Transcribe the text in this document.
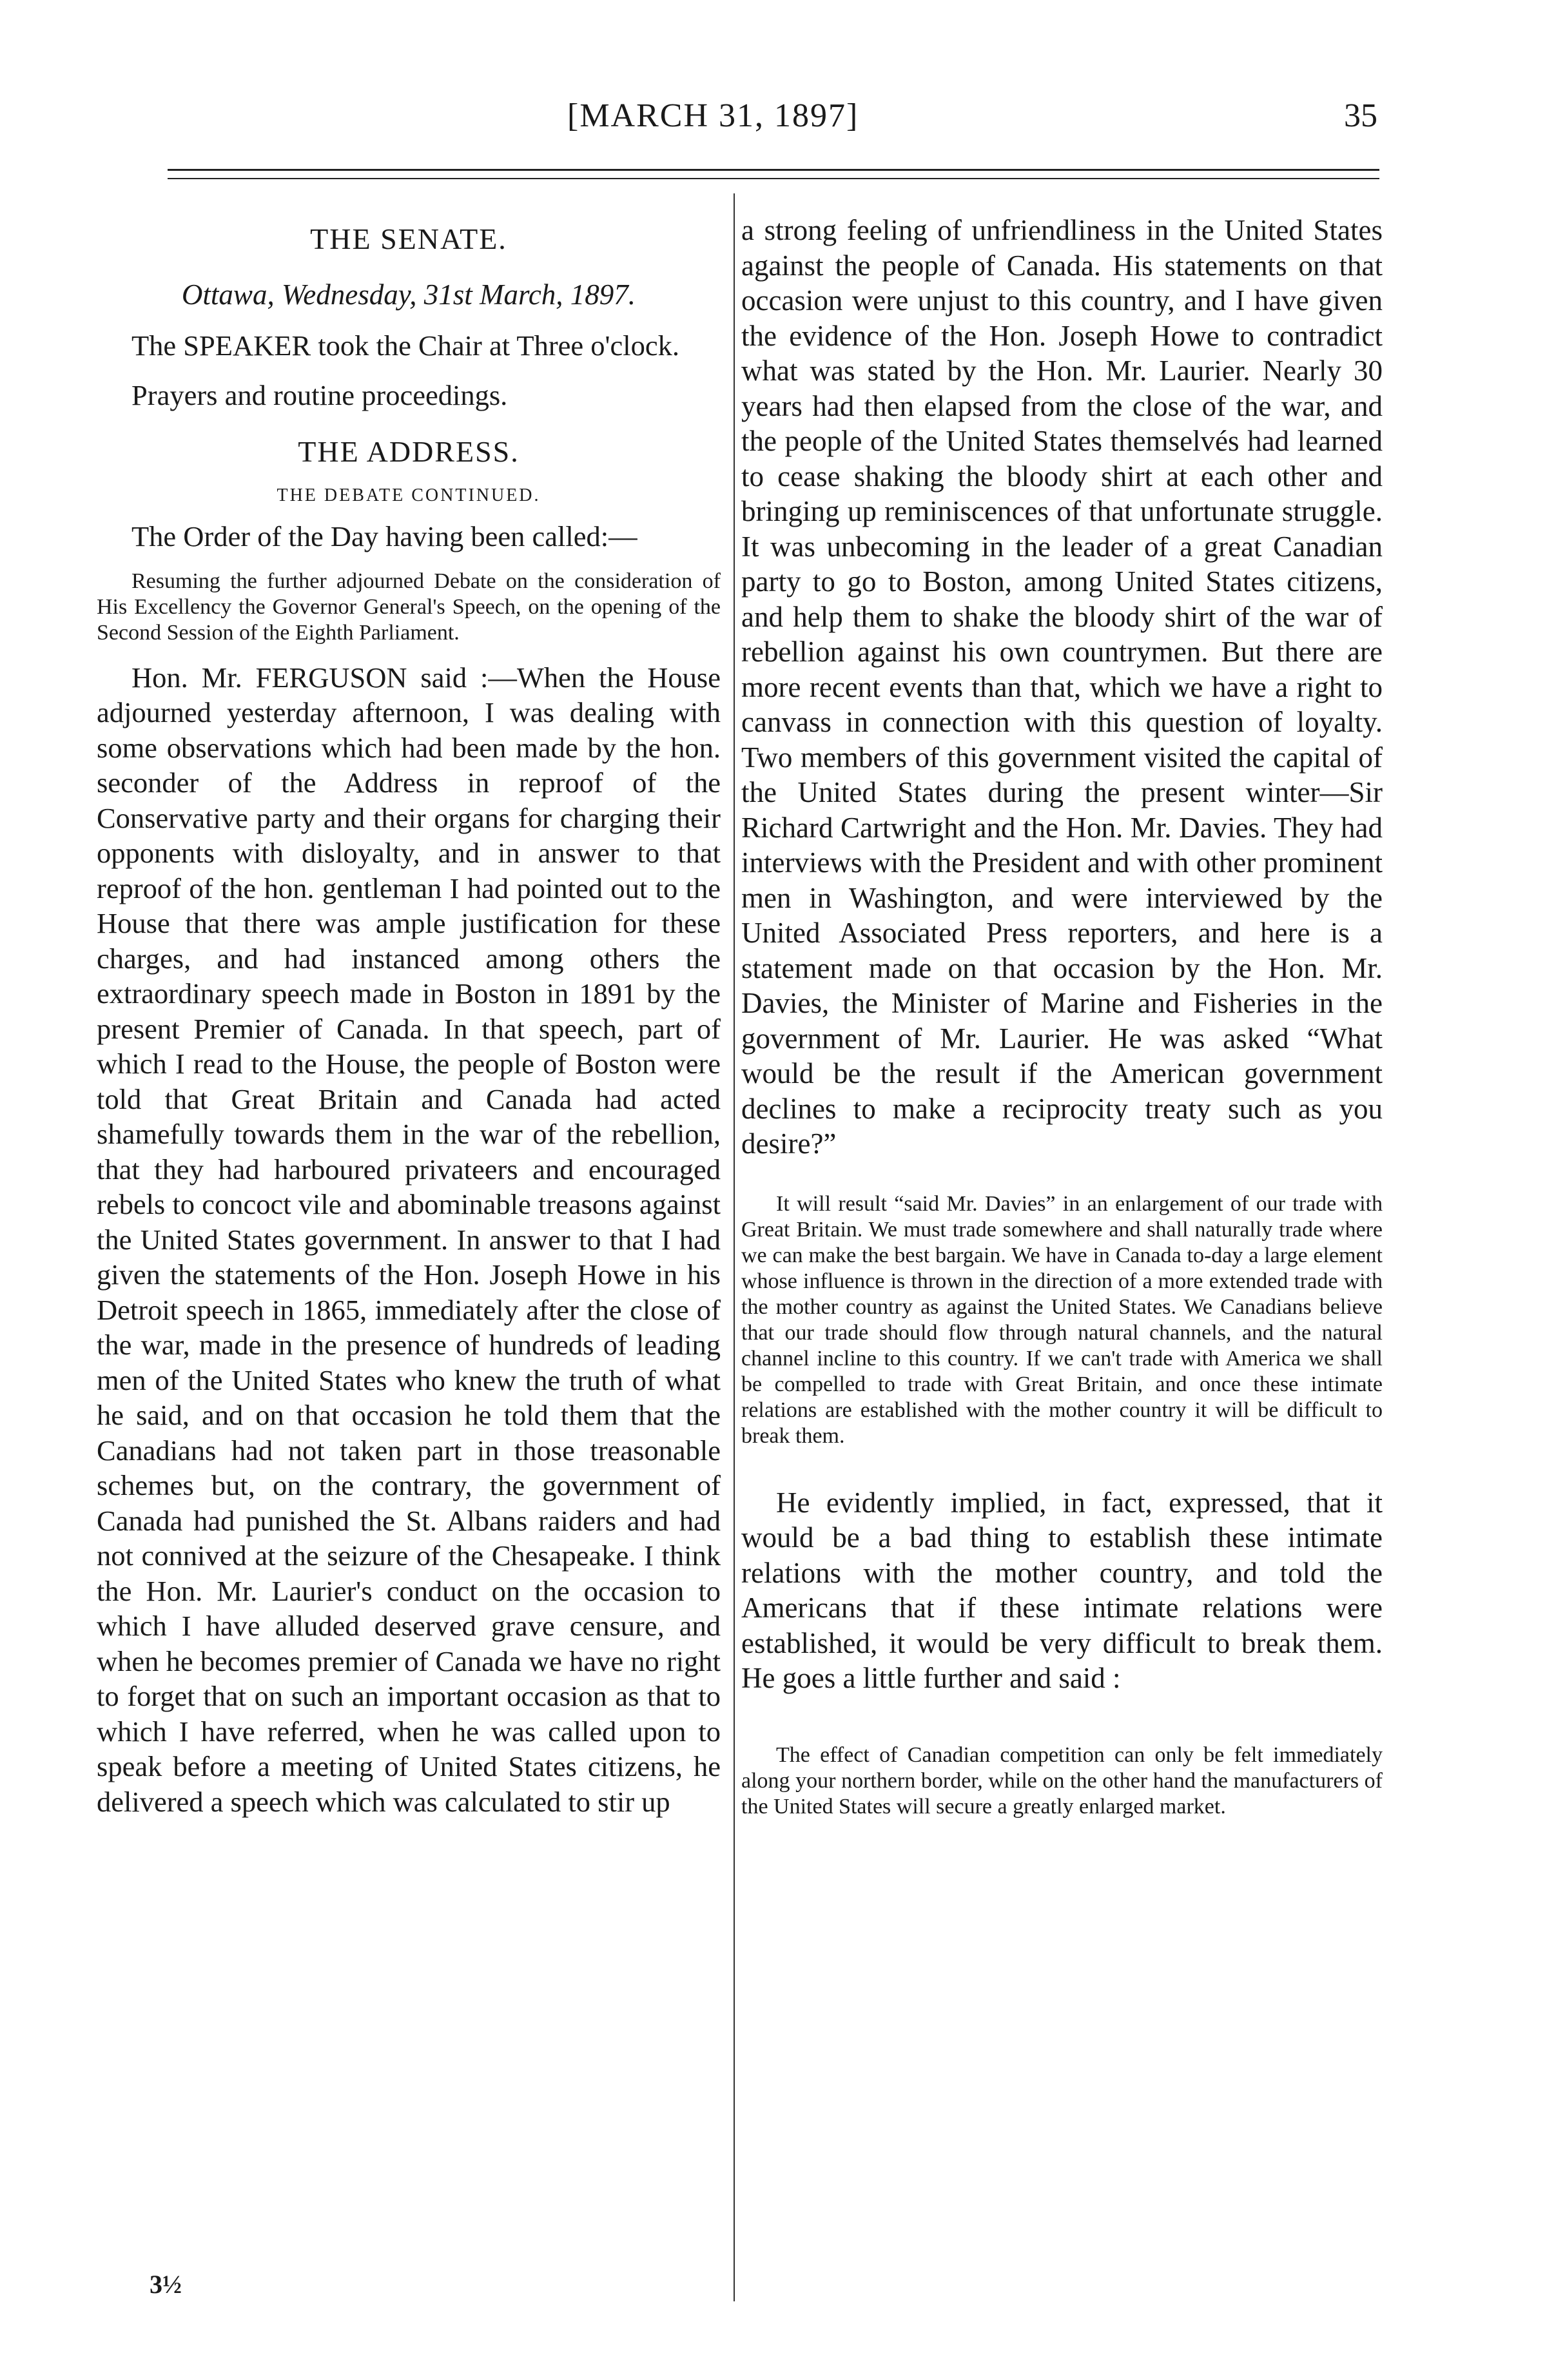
[MARCH 31, 1897]	35

THE SENATE.

Ottawa, Wednesday, 31st March, 1897.

The SPEAKER took the Chair at Three o'clock.

Prayers and routine proceedings.

THE ADDRESS.

THE DEBATE CONTINUED.

The Order of the Day having been called:—

Resuming the further adjourned Debate on the consideration of His Excellency the Governor General's Speech, on the opening of the Second Session of the Eighth Parliament.

Hon. Mr. FERGUSON said :—When the House adjourned yesterday afternoon, I was dealing with some observations which had been made by the hon. seconder of the Address in reproof of the Conservative party and their organs for charging their opponents with disloyalty, and in answer to that reproof of the hon. gentleman I had pointed out to the House that there was ample justification for these charges, and had instanced among others the extraordinary speech made in Boston in 1891 by the present Premier of Canada. In that speech, part of which I read to the House, the people of Boston were told that Great Britain and Canada had acted shamefully towards them in the war of the rebellion, that they had harboured privateers and encouraged rebels to concoct vile and abominable treasons against the United States government. In answer to that I had given the statements of the Hon. Joseph Howe in his Detroit speech in 1865, immediately after the close of the war, made in the presence of hundreds of leading men of the United States who knew the truth of what he said, and on that occasion he told them that the Canadians had not taken part in those treasonable schemes but, on the contrary, the government of Canada had punished the St. Albans raiders and had not connived at the seizure of the Chesapeake. I think the Hon. Mr. Laurier's conduct on the occasion to which I have alluded deserved grave censure, and when he becomes premier of Canada we have no right to forget that on such an important occasion as that to which I have referred, when he was called upon to speak before a meeting of United States citizens, he delivered a speech which was calculated to stir up

3½

a strong feeling of unfriendliness in the United States against the people of Canada. His statements on that occasion were unjust to this country, and I have given the evidence of the Hon. Joseph Howe to contradict what was stated by the Hon. Mr. Laurier. Nearly 30 years had then elapsed from the close of the war, and the people of the United States themselvés had learned to cease shaking the bloody shirt at each other and bringing up reminiscences of that unfortunate struggle. It was unbecoming in the leader of a great Canadian party to go to Boston, among United States citizens, and help them to shake the bloody shirt of the war of rebellion against his own countrymen. But there are more recent events than that, which we have a right to canvass in connection with this question of loyalty. Two members of this government visited the capital of the United States during the present winter—Sir Richard Cartwright and the Hon. Mr. Davies. They had interviews with the President and with other prominent men in Washington, and were interviewed by the United Associated Press reporters, and here is a statement made on that occasion by the Hon. Mr. Davies, the Minister of Marine and Fisheries in the government of Mr. Laurier. He was asked “What would be the result if the American government declines to make a reciprocity treaty such as you desire?”

It will result “said Mr. Davies” in an enlargement of our trade with Great Britain. We must trade somewhere and shall naturally trade where we can make the best bargain. We have in Canada to-day a large element whose influence is thrown in the direction of a more extended trade with the mother country as against the United States. We Canadians believe that our trade should flow through natural channels, and the natural channel incline to this country. If we can't trade with America we shall be compelled to trade with Great Britain, and once these intimate relations are established with the mother country it will be difficult to break them.

He evidently implied, in fact, expressed, that it would be a bad thing to establish these intimate relations with the mother country, and told the Americans that if these intimate relations were established, it would be very difficult to break them. He goes a little further and said :

The effect of Canadian competition can only be felt immediately along your northern border, while on the other hand the manufacturers of the United States will secure a greatly enlarged market.
